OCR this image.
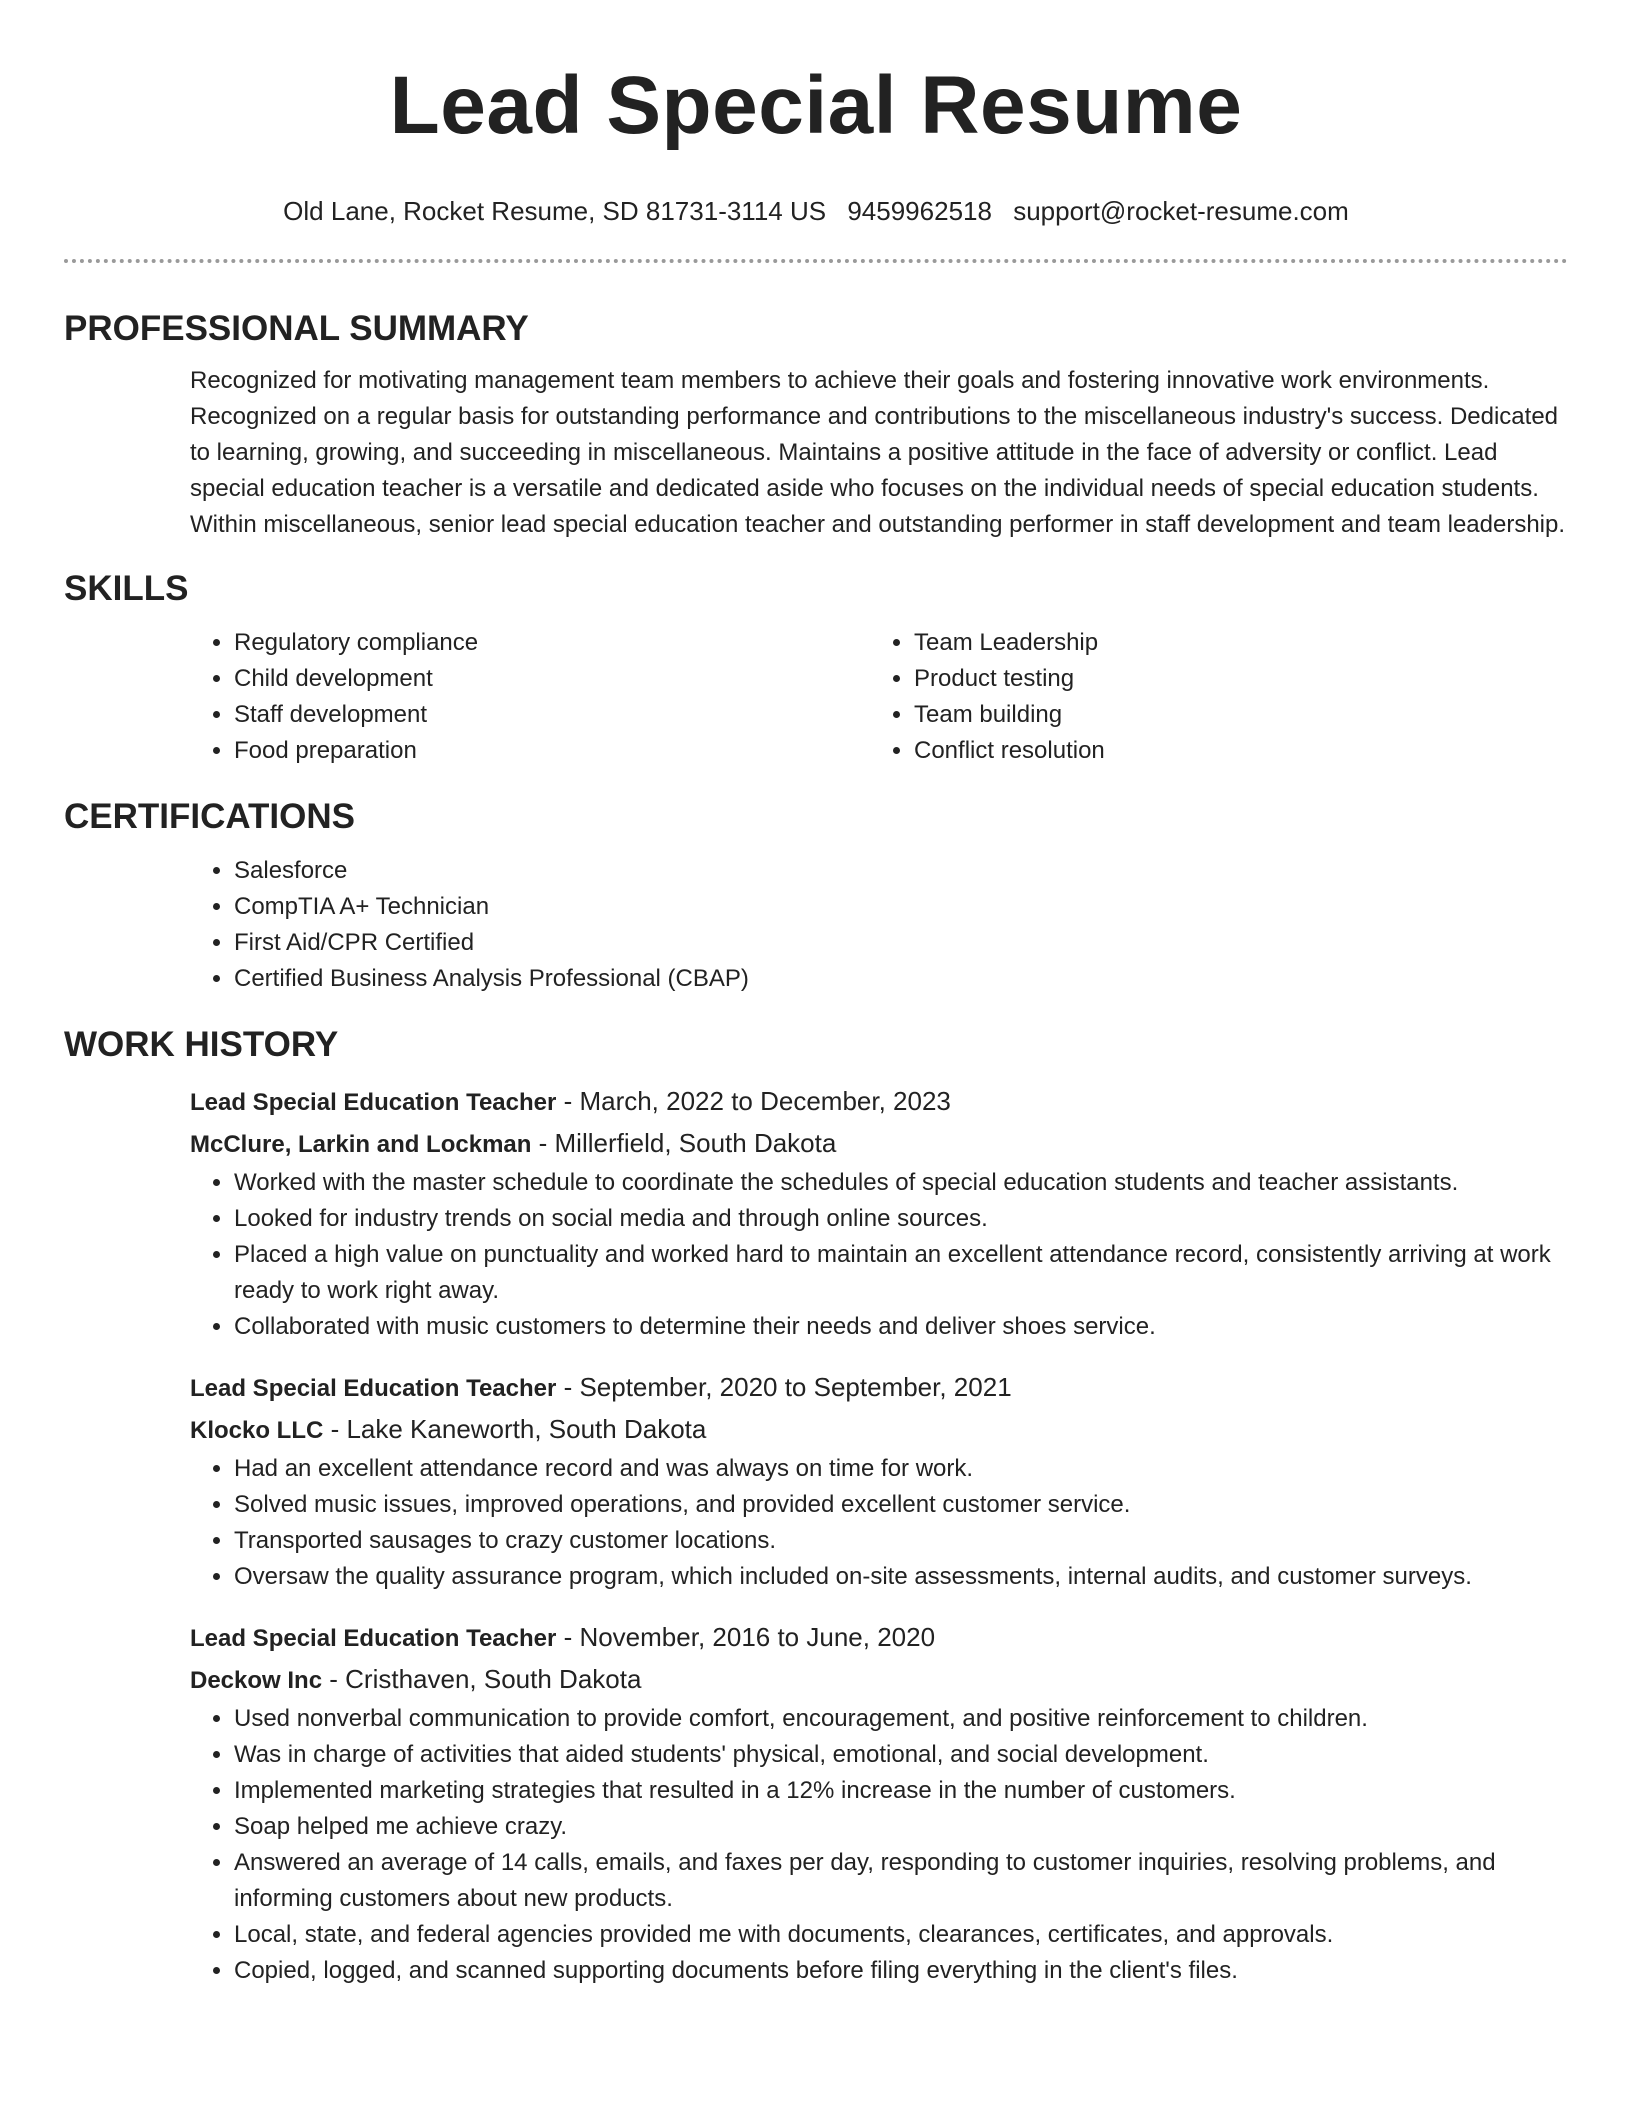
Lead Special Resume
Old Lane, Rocket Resume, SD 81731-3114 US 9459962518 support@rocket-resume.com
PROFESSIONAL SUMMARY
Recognized for motivating management team members to achieve their goals and fostering innovative work environments. Recognized on a regular basis for outstanding performance and contributions to the miscellaneous industry's success. Dedicated to learning, growing, and succeeding in miscellaneous. Maintains a positive attitude in the face of adversity or conflict. Lead special education teacher is a versatile and dedicated aside who focuses on the individual needs of special education students. Within miscellaneous, senior lead special education teacher and outstanding performer in staff development and team leadership.
SKILLS
• Regulatory compliance
• Child development
• Staff development
• Food preparation
• Team Leadership
• Product testing
• Team building
• Conflict resolution
CERTIFICATIONS
• Salesforce
• CompTIA A+ Technician
• First Aid/CPR Certified
• Certified Business Analysis Professional (CBAP)
WORK HISTORY
Lead Special Education Teacher - March, 2022 to December, 2023
McClure, Larkin and Lockman - Millerfield, South Dakota
• Worked with the master schedule to coordinate the schedules of special education students and teacher assistants.
• Looked for industry trends on social media and through online sources.
• Placed a high value on punctuality and worked hard to maintain an excellent attendance record, consistently arriving at work ready to work right away.
• Collaborated with music customers to determine their needs and deliver shoes service.
Lead Special Education Teacher - September, 2020 to September, 2021
Klocko LLC - Lake Kaneworth, South Dakota
• Had an excellent attendance record and was always on time for work.
• Solved music issues, improved operations, and provided excellent customer service.
• Transported sausages to crazy customer locations.
• Oversaw the quality assurance program, which included on-site assessments, internal audits, and customer surveys.
Lead Special Education Teacher - November, 2016 to June, 2020
Deckow Inc - Cristhaven, South Dakota
• Used nonverbal communication to provide comfort, encouragement, and positive reinforcement to children.
• Was in charge of activities that aided students' physical, emotional, and social development.
• Implemented marketing strategies that resulted in a 12% increase in the number of customers.
• Soap helped me achieve crazy.
• Answered an average of 14 calls, emails, and faxes per day, responding to customer inquiries, resolving problems, and informing customers about new products.
• Local, state, and federal agencies provided me with documents, clearances, certificates, and approvals.
• Copied, logged, and scanned supporting documents before filing everything in the client's files.
